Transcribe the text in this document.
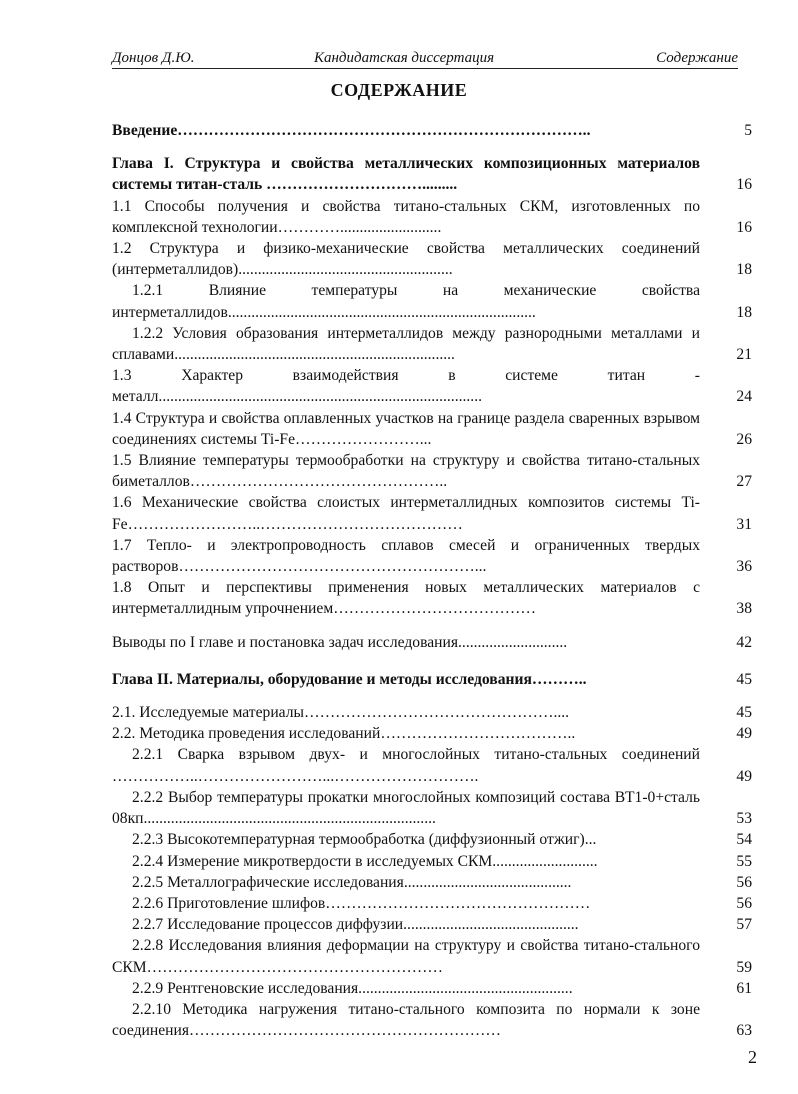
Донцов Д.Ю.	Кандидатская диссертация	Содержание
СОДЕРЖАНИЕ
Введение……………………………………………………………………..	5
Глава I. Структура и свойства металлических композиционных материалов системы титан-сталь ………………………….........	16
1.1 Способы получения и свойства титано-стальных СКМ, изготовленных по комплексной технологии…………..........................	16
1.2 Структура и физико-механические свойства металлических соединений (интерметаллидов).......................................................	18
1.2.1 Влияние температуры на механические свойства интерметаллидов...............................................................................	18
1.2.2 Условия образования интерметаллидов между разнородными металлами и сплавами........................................................................	21
1.3 Характер взаимодействия в системе титан - металл...................................................................................	24
1.4 Структура и свойства оплавленных участков на границе раздела сваренных взрывом соединениях системы Ti-Fe……………………...	26
1.5 Влияние температуры термообработки на структуру и свойства титано-стальных биметаллов…………………………………………..	27
1.6 Механические свойства слоистых интерметаллидных композитов системы Ti-Fe……………………..…………………………………	31
1.7 Тепло- и электропроводность сплавов смесей и ограниченных твердых растворов…………………………………………………...	36
1.8 Опыт и перспективы применения новых металлических материалов с интерметаллидным упрочнением…………………………………	38
Выводы по I главе и постановка задач исследования............................	42
Глава II. Материалы, оборудование и методы исследования………..	45
2.1. Исследуемые материалы…………………………………………....	45
2.2. Методика проведения исследований………………………………..	49
2.2.1 Сварка взрывом двух- и многослойных титано-стальных соединений ……………..……………………...……………………….	49
2.2.2 Выбор температуры прокатки многослойных композиций состава ВТ1-0+сталь 08кп...........................................................................	53
2.2.3 Высокотемпературная термообработка (диффузионный отжиг)...	54
2.2.4 Измерение микротвердости в исследуемых СКМ...........................	55
2.2.5 Металлографические исследования...........................................	56
2.2.6 Приготовление шлифов……………………………………………	56
2.2.7 Исследование процессов диффузии.............................................	57
2.2.8 Исследования влияния деформации на структуру и свойства титано-стального СКМ…………………………………………………	59
2.2.9 Рентгеновские исследования.......................................................	61
2.2.10 Методика нагружения титано-стального композита по нормали к зоне соединения……………………………………………………	63
2
